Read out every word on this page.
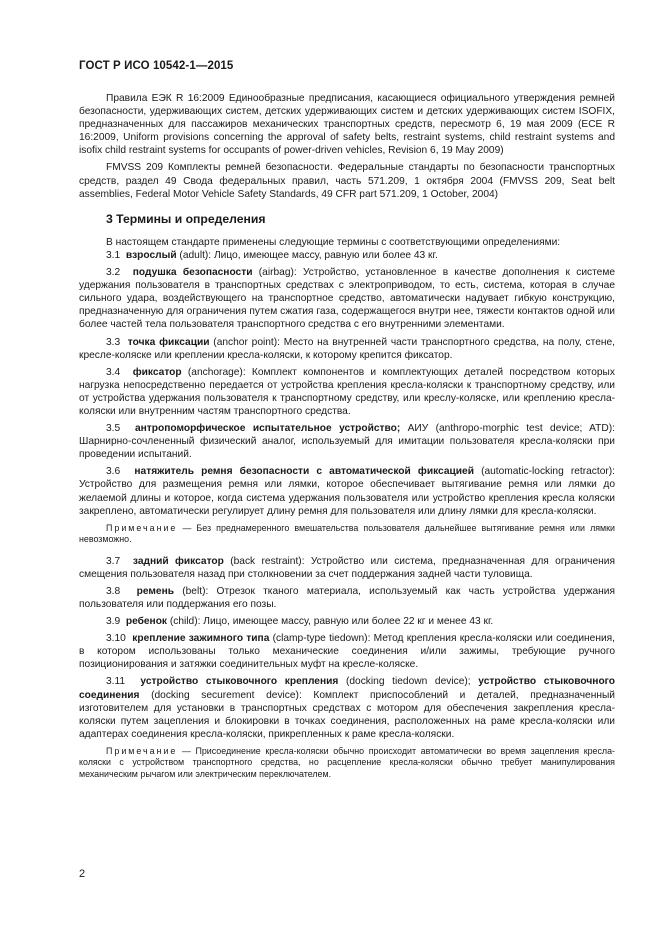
ГОСТ Р ИСО 10542-1—2015

Правила ЕЭК R 16:2009 Единообразные предписания, касающиеся официального утверждения ремней безопасности, удерживающих систем, детских удерживающих систем и детских удерживающих систем ISOFIX, предназначенных для пассажиров механических транспортных средств, пересмотр 6, 19 мая 2009 (ECE R 16:2009, Uniform provisions concerning the approval of safety belts, restraint systems, child restraint systems and isofix child restraint systems for occupants of power-driven vehicles, Revision 6, 19 May 2009)

FMVSS 209 Комплекты ремней безопасности. Федеральные стандарты по безопасности транспортных средств, раздел 49 Свода федеральных правил, часть 571.209, 1 октября 2004 (FMVSS 209, Seat belt assemblies, Federal Motor Vehicle Safety Standards, 49 CFR part 571.209, 1 October, 2004)

3 Термины и определения

В настоящем стандарте применены следующие термины с соответствующими определениями:

3.1 взрослый (adult): Лицо, имеющее массу, равную или более 43 кг.

3.2 подушка безопасности (airbag): Устройство, установленное в качестве дополнения к системе удержания пользователя в транспортных средствах с электроприводом, то есть, система, которая в случае сильного удара, воздействующего на транспортное средство, автоматически надувает гибкую конструкцию, предназначенную для ограничения путем сжатия газа, содержащегося внутри нее, тяжести контактов одной или более частей тела пользователя транспортного средства с его внутренними элементами.

3.3 точка фиксации (anchor point): Место на внутренней части транспортного средства, на полу, стене, кресле-коляске или креплении кресла-коляски, к которому крепится фиксатор.

3.4 фиксатор (anchorage): Комплект компонентов и комплектующих деталей посредством которых нагрузка непосредственно передается от устройства крепления кресла-коляски к транспортному средству, или от устройства удержания пользователя к транспортному средству, или креслу-коляске, или креплению кресла-коляски или внутренним частям транспортного средства.

3.5 антропоморфическое испытательное устройство; АИУ (anthropo-morphic test device; ATD): Шарнирно-сочлененный физический аналог, используемый для имитации пользователя кресла-коляски при проведении испытаний.

3.6 натяжитель ремня безопасности с автоматической фиксацией (automatic-locking retractor): Устройство для размещения ремня или лямки, которое обеспечивает вытягивание ремня или лямки до желаемой длины и которое, когда система удержания пользователя или устройство крепления кресла коляски закреплено, автоматически регулирует длину ремня для пользователя или длину лямки для кресла-коляски.

Примечание — Без преднамеренного вмешательства пользователя дальнейшее вытягивание ремня или лямки невозможно.

3.7 задний фиксатор (back restraint): Устройство или система, предназначенная для ограничения смещения пользователя назад при столкновении за счет поддержания задней части туловища.

3.8 ремень (belt): Отрезок тканого материала, используемый как часть устройства удержания пользователя или поддержания его позы.

3.9 ребенок (child): Лицо, имеющее массу, равную или более 22 кг и менее 43 кг.

3.10 крепление зажимного типа (clamp-type tiedown): Метод крепления кресла-коляски или соединения, в котором использованы только механические соединения и/или зажимы, требующие ручного позиционирования и затяжки соединительных муфт на кресле-коляске.

3.11 устройство стыковочного крепления (docking tiedown device); устройство стыковочного соединения (docking securement device): Комплект приспособлений и деталей, предназначенный изготовителем для установки в транспортных средствах с мотором для обеспечения закрепления кресла-коляски путем зацепления и блокировки в точках соединения, расположенных на раме кресла-коляски или адаптерах соединения кресла-коляски, прикрепленных к раме кресла-коляски.

Примечание — Присоединение кресла-коляски обычно происходит автоматически во время зацепления кресла-коляски с устройством транспортного средства, но расцепление кресла-коляски обычно требует манипулирования механическим рычагом или электрическим переключателем.

2
